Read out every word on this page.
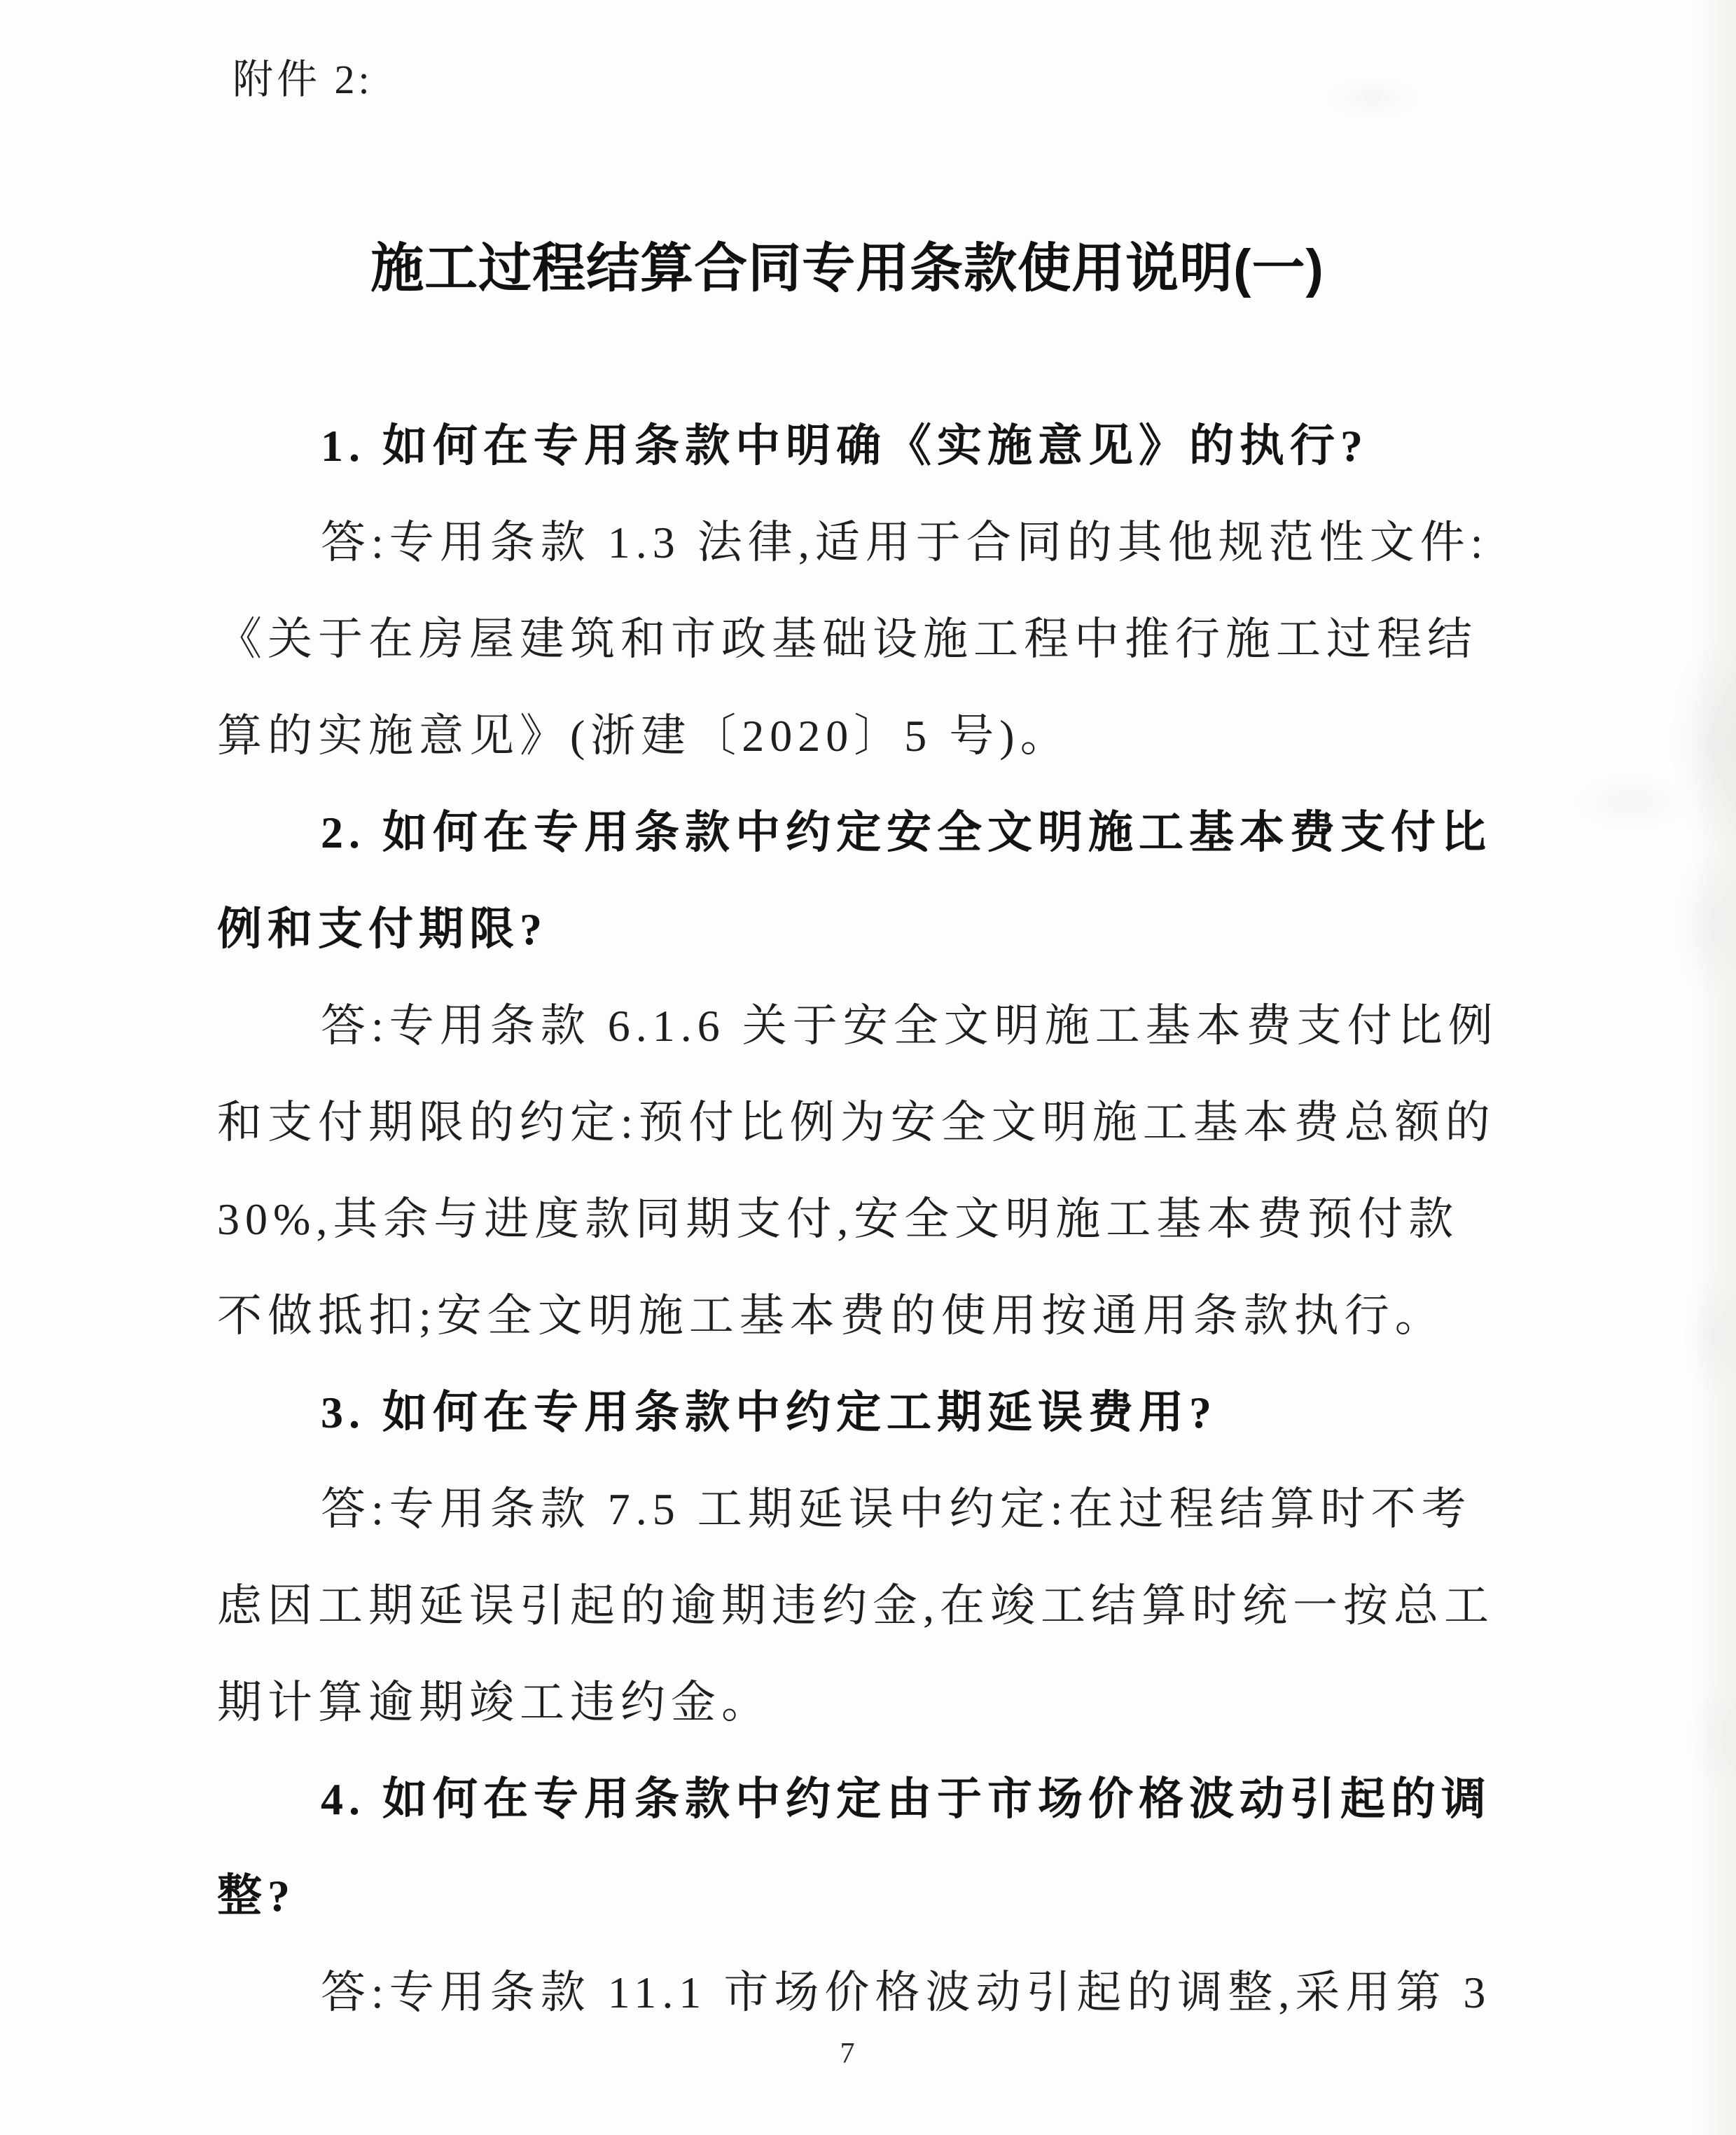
附件 2:
施工过程结算合同专用条款使用说明(一)
1. 如何在专用条款中明确《实施意见》的执行?
答:专用条款 1.3 法律,适用于合同的其他规范性文件:
《关于在房屋建筑和市政基础设施工程中推行施工过程结
算的实施意见》(浙建〔2020〕5 号)。
2. 如何在专用条款中约定安全文明施工基本费支付比
例和支付期限?
答:专用条款 6.1.6 关于安全文明施工基本费支付比例
和支付期限的约定:预付比例为安全文明施工基本费总额的
30%,其余与进度款同期支付,安全文明施工基本费预付款
不做抵扣;安全文明施工基本费的使用按通用条款执行。
3. 如何在专用条款中约定工期延误费用?
答:专用条款 7.5 工期延误中约定:在过程结算时不考
虑因工期延误引起的逾期违约金,在竣工结算时统一按总工
期计算逾期竣工违约金。
4. 如何在专用条款中约定由于市场价格波动引起的调
整?
答:专用条款 11.1 市场价格波动引起的调整,采用第 3
7
